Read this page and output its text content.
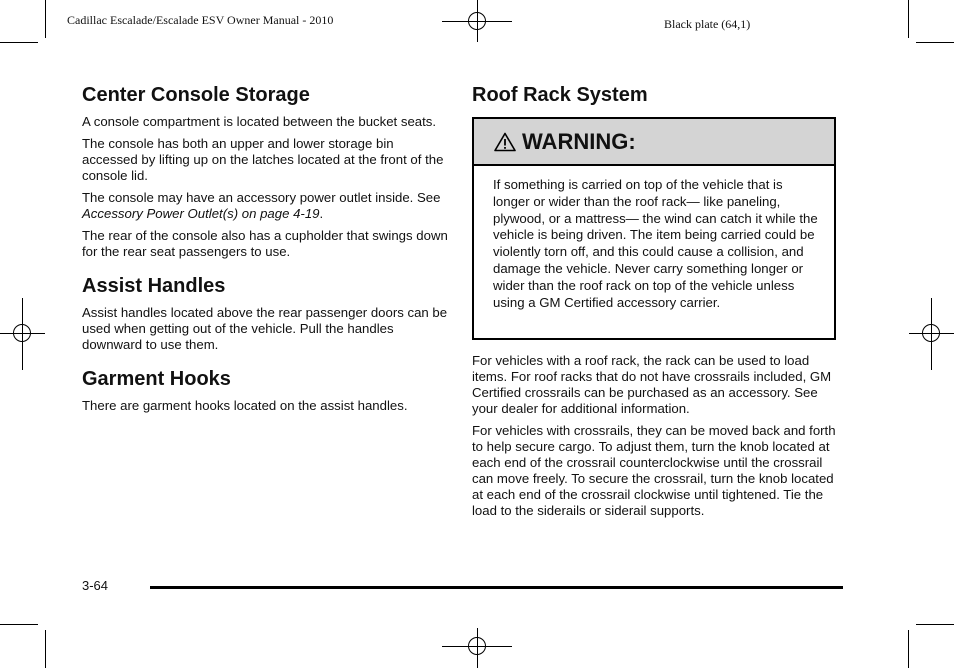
Cadillac Escalade/Escalade ESV Owner Manual - 2010	Black plate (64,1)
Center Console Storage

A console compartment is located between the bucket seats.

The console has both an upper and lower storage bin accessed by lifting up on the latches located at the front of the console lid.

The console may have an accessory power outlet inside. See Accessory Power Outlet(s) on page 4-19.

The rear of the console also has a cupholder that swings down for the rear seat passengers to use.

Assist Handles

Assist handles located above the rear passenger doors can be used when getting out of the vehicle. Pull the handles downward to use them.

Garment Hooks

There are garment hooks located on the assist handles.

Roof Rack System
WARNING:

If something is carried on top of the vehicle that is longer or wider than the roof rack— like paneling, plywood, or a mattress— the wind can catch it while the vehicle is being driven. The item being carried could be violently torn off, and this could cause a collision, and damage the vehicle. Never carry something longer or wider than the roof rack on top of the vehicle unless using a GM Certified accessory carrier.

For vehicles with a roof rack, the rack can be used to load items. For roof racks that do not have crossrails included, GM Certified crossrails can be purchased as an accessory. See your dealer for additional information.

For vehicles with crossrails, they can be moved back and forth to help secure cargo. To adjust them, turn the knob located at each end of the crossrail counterclockwise until the crossrail can move freely. To secure the crossrail, turn the knob located at each end of the crossrail clockwise until tightened. Tie the load to the siderails or siderail supports.

3-64
